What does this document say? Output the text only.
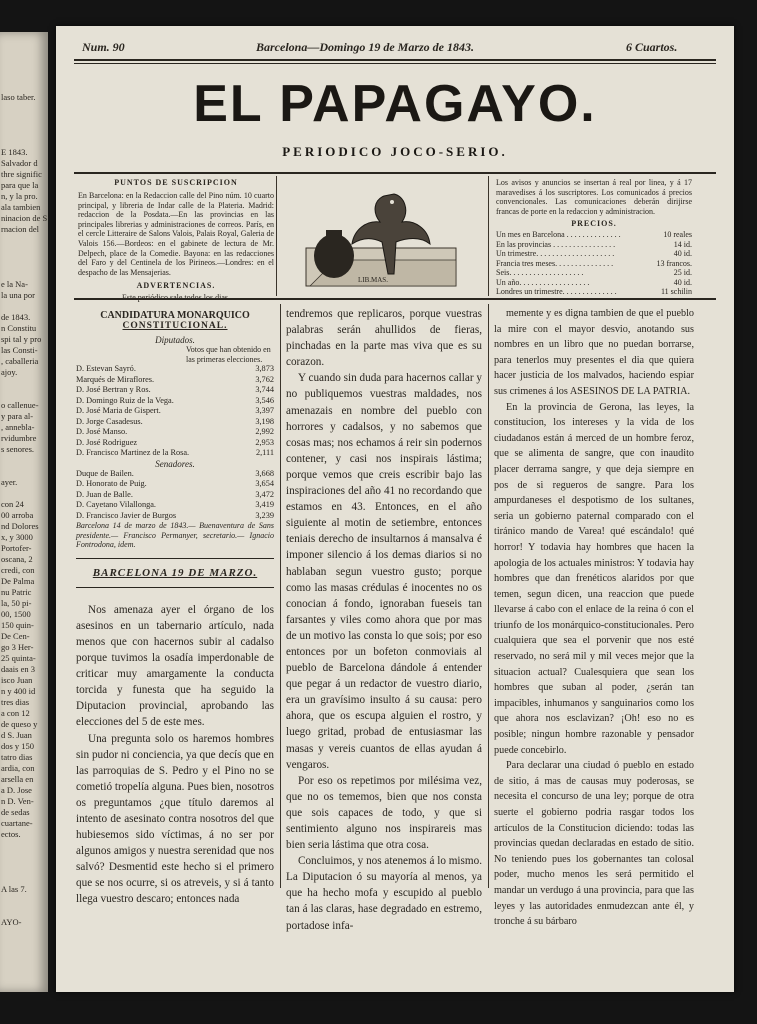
laso taber.

E 1843.
Salvador d
thre signific
para que la
n, y la pro.
ala tambien
ninacion de S
rnacion del

e la Na-
la una por

de 1843.
n Constitu
spi tal y pro
las Consti-
, caballeria
ajoy.

o callenue-
y para al-
, annebla-
rvidumbre
s senores.

ayer.

con 24
00 arroba
nd Dolores
x, y 3000
Portofer-
oscana, 2
credi, con
De Palma
nu Patric
la, 50 pi-
00, 1500
150 quin-
De Cen-
go 3 Her-
25 quinta-
daais en 3
isco Juan
n y 400 id
tres dias
a con 12
de queso y
d S. Juan
dos y 150
tatro dias
ardia, con
arsella en
a D. Jose
n D. Ven-
de sedas
cuartane-
ectos.

A las 7.

AYO-
Num. 90	Barcelona—Domingo 19 de Marzo de 1843.	6 Cuartos.
EL PAPAGAYO.
PERIODICO JOCO-SERIO.
PUNTOS DE SUSCRIPCION
En Barcelona: en la Redaccion calle del Pino núm. 10 cuarto principal, y libreria de Indar calle de la Plateria. Madrid: redaccion de la Posdata.—En las provincias en las principales librerias y administraciones de correos. París, en el cercle Litteraire de Salons Valois, Palais Royal, Galeria de Valois 156.—Bordeos: en el gabinete de lectura de Mr. Delpech, place de la Comedie. Bayona: en las redacciones del Faro y del Centinela de los Pirineos.—Londres: en el despacho de las Mensajerias.
ADVERTENCIAS.
LIB.MAS.
Los avisos y anuncios se insertan á real por linea, y á 17 maravedises á los suscriptores. Los comunicados á precios convencionales. Las comunicaciones deberán dirijirse francas de porte en la redaccion y administracion.
PRECIOS.
Un mes en Barcelona . . . . . . . . . . . . . .	10 reales
En las provincias . . . . . . . . . . . . . . . .	14 id.
Un trimestre. . . . . . . . . . . . . . . . . . . .	40 id.
Francia tres meses. . . . . . . . . . . . . . .	13 francos.
Seis. . . . . . . . . . . . . . . . . . .	25 id.
Un año. . . . . . . . . . . . . . . . . .	40 id.
Londres un trimestre. . . . . . . . . . . . . .	11 schilin
CANDIDATURA MONARQUICO
CONSTITUCIONAL.
Diputados.
Votos que han obtenido en las primeras elecciones.
D. Estevan Sayró.	3,873
Marqués de Miraflores.	3,762
D. José Bertran y Ros.	3,744
D. Domingo Ruiz de la Vega.	3,546
D. José Maria de Gispert.	3,397
D. Jorge Casadesus.	3,198
D. José Manso.	2,992
D. José Rodriguez	2,953
D. Francisco Martinez de la Rosa.	2,111
Senadores.
Duque de Bailen.	3,668
D. Honorato de Puig.	3,654
D. Juan de Balle.	3,472
D. Cayetano Vilallonga.	3,419
D. Francisco Javier de Burgos	3,239
Barcelona 14 de marzo de 1843.— Buenaventura de Sans presidente.— Francisco Permanyer, secretario.— Ignacio Fontrodona, idem.
BARCELONA 19 DE MARZO.

Nos amenaza ayer el órgano de los asesinos en un tabernario artículo, nada menos que con hacernos subir al cadalso porque tuvimos la osadía imperdonable de criticar muy amargamente la conducta torcida y funesta que ha seguido la Diputacion provincial, aprobando las elecciones del 5 de este mes.

Una pregunta solo os haremos hombres sin pudor ni conciencia, ya que decís que en las parroquias de S. Pedro y el Pino no se cometió tropelía alguna. Pues bien, nosotros os preguntamos ¿que título daremos al intento de asesinato contra nosotros del que hubiesemos sido víctimas, á no ser por algunos amigos y nuestra serenidad que nos salvó? Desmentid este hecho si el primero que se nos ocurre, si os atreveis, y si á tanto llega vuestro descaro; entonces nada

tendremos que replicaros, porque vuestras palabras serán ahullidos de fieras, pinchadas en la parte mas viva que es su corazon.

Y cuando sin duda para hacernos callar y no publiquemos vuestras maldades, nos amenazais en nombre del pueblo con horrores y cadalsos, y no sabemos que cosas mas; nos echamos á reir sin podernos contener, y casi nos inspirais lástima; porque vemos que creis escribir bajo las inspiraciones del año 41 no recordando que estamos en 43. Entonces, en el año siguiente al motin de setiembre, entonces teniais derecho de insultarnos á mansalva é imponer silencio á los demas diarios si no hablaban segun vuestro gusto; porque como las masas crédulas é inocentes no os conocian á fondo, ignoraban fueseis tan farsantes y viles como ahora que por mas de un motivo las consta lo que sois; por eso entonces por un bofeton conmoviais al pueblo de Barcelona dándole á entender que pegar á un redactor de vuestro diario, era un gravísimo insulto á su causa: pero ahora, que os escupa alguien el rostro, y luego gritad, probad de entusiasmar las masas y vereis cuantos de ellas ayudan á vengaros.

Por eso os repetimos por milésima vez, que no os tememos, bien que nos consta que sois capaces de todo, y que si sentimiento alguno nos inspirareis mas bien seria lástima que otra cosa.

Concluimos, y nos atenemos á lo mismo. La Diputacion ó su mayoría al menos, ya que ha hecho mofa y escupido al pueblo tan á las claras, hase degradado en estremo, portadose infa-

memente y es digna tambien de que el pueblo la mire con el mayor desvio, anotando sus nombres en un libro que no puedan borrarse, para tenerlos muy presentes el dia que quiera hacer justicia de los malvados, haciendo espiar sus crimenes á los ASESINOS DE LA PATRIA.

En la provincia de Gerona, las leyes, la constitucion, los intereses y la vida de los ciudadanos están á merced de un hombre feroz, que se alimenta de sangre, que con inaudito placer derrama sangre, y que deja siempre en pos de si regueros de sangre. Para los ampurdaneses el despotismo de los sultanes, seria un gobierno paternal comparado con el tiránico mando de Varea! qué escándalo! qué horror! Y todavia hay hombres que hacen la apologia de los actuales ministros: Y todavia hay hombres que dan frenéticos alaridos por que temen, segun dicen, una reaccion que puede llevarse á cabo con el enlace de la reina ó con el triunfo de los monárquico-constitucionales. Pero cualquiera que sea el porvenir que nos esté reservado, no será mil y mil veces mejor que la situacion actual? Cualesquiera que sean los hombres que suban al poder, ¿serán tan impacibles, inhumanos y sanguinarios como los que ahora nos esclavizan? ¡Oh! eso no es posible; ningun hombre razonable y pensador puede concebirlo.

Para declarar una ciudad ó pueblo en estado de sitio, á mas de causas muy poderosas, se necesita el concurso de una ley; porque de otra suerte el gobierno podria rasgar todos los artículos de la Constitucion diciendo: todas las provincias quedan declaradas en estado de sitio. No teniendo pues los gobernantes tan colosal poder, mucho menos les será permitido el mandar un verdugo á una provincia, para que las leyes y las autoridades enmudezcan ante él, y tronche á su bárbaro
